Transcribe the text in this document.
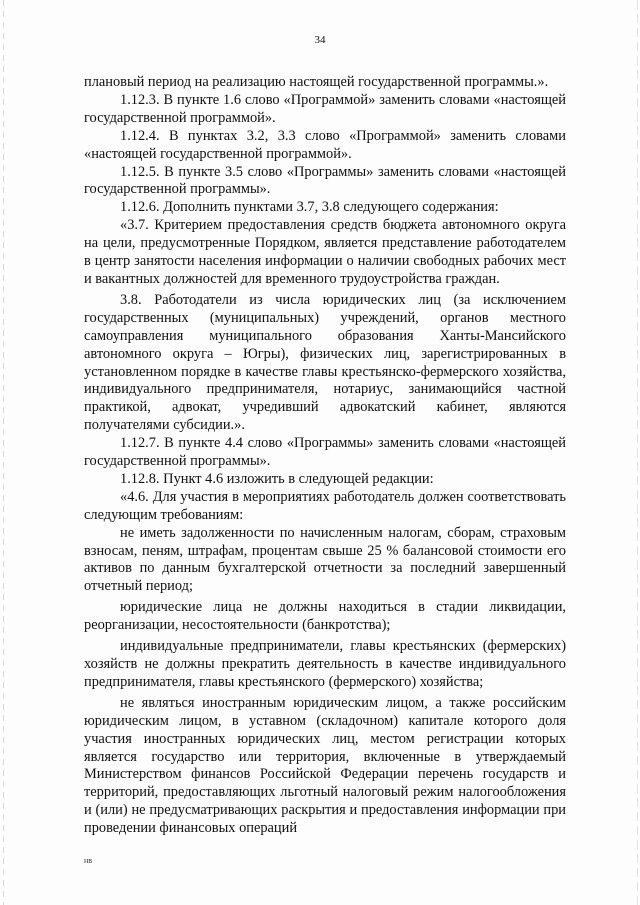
34

плановый период на реализацию настоящей государственной программы.».

1.12.3. В пункте 1.6 слово «Программой» заменить словами «настоящей государственной программой».

1.12.4. В пунктах 3.2, 3.3 слово «Программой» заменить словами «настоящей государственной программой».

1.12.5. В пункте 3.5 слово «Программы» заменить словами «настоящей государственной программы».

1.12.6. Дополнить пунктами 3.7, 3.8 следующего содержания:

«3.7. Критерием предоставления средств бюджета автономного округа на цели, предусмотренные Порядком, является представление работодателем в центр занятости населения информации о наличии свободных рабочих мест и вакантных должностей для временного трудоустройства граждан.

3.8. Работодатели из числа юридических лиц (за исключением государственных (муниципальных) учреждений, органов местного самоуправления муниципального образования Ханты-Мансийского автономного округа – Югры), физических лиц, зарегистрированных в установленном порядке в качестве главы крестьянско-фермерского хозяйства, индивидуального предпринимателя, нотариус, занимающийся частной практикой, адвокат, учредивший адвокатский кабинет, являются получателями субсидии.».

1.12.7. В пункте 4.4 слово «Программы» заменить словами «настоящей государственной программы».

1.12.8. Пункт 4.6 изложить в следующей редакции:

«4.6. Для участия в мероприятиях работодатель должен соответствовать следующим требованиям:

не иметь задолженности по начисленным налогам, сборам, страховым взносам, пеням, штрафам, процентам свыше 25 % балансовой стоимости его активов по данным бухгалтерской отчетности за последний завершенный отчетный период;

юридические лица не должны находиться в стадии ликвидации, реорганизации, несостоятельности (банкротства);

индивидуальные предприниматели, главы крестьянских (фермерских) хозяйств не должны прекратить деятельность в качестве индивидуального предпринимателя, главы крестьянского (фермерского) хозяйства;

не являться иностранным юридическим лицом, а также российским юридическим лицом, в уставном (складочном) капитале которого доля участия иностранных юридических лиц, местом регистрации которых является государство или территория, включенные в утверждаемый Министерством финансов Российской Федерации перечень государств и территорий, предоставляющих льготный налоговый режим налогообложения и (или) не предусматривающих раскрытия и предоставления информации при проведении финансовых операций

нв
